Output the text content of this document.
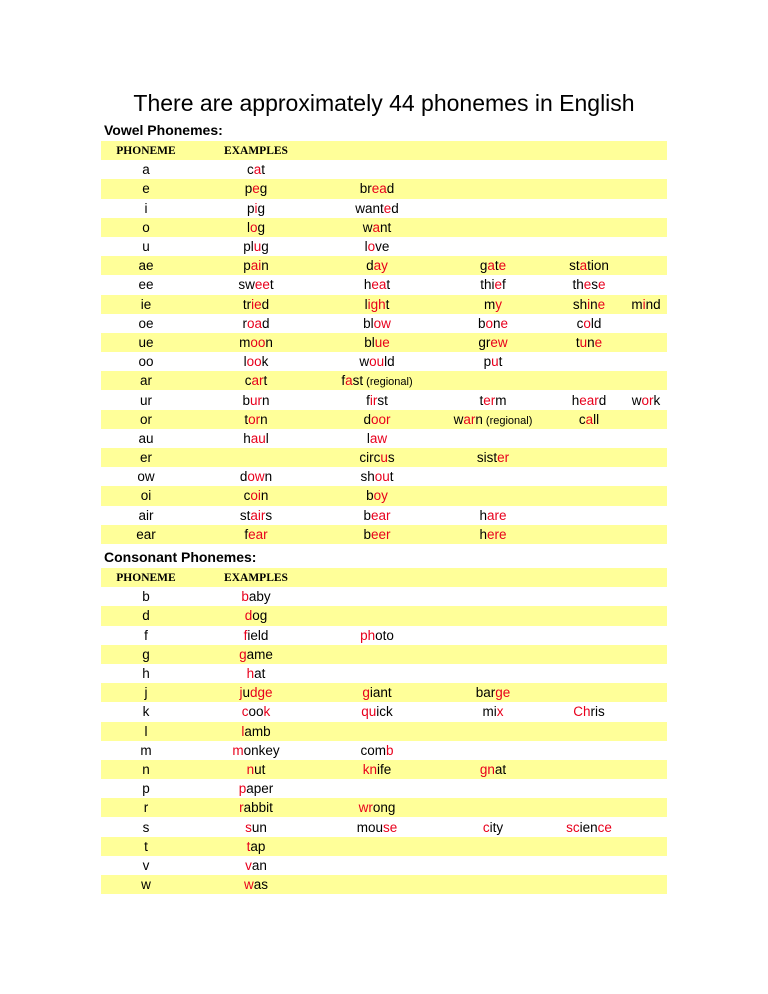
There are approximately 44 phonemes in English
Vowel Phonemes:
PHONEME	EXAMPLES				
a	cat				
e	peg	bread			
i	pig	wanted			
o	log	want			
u	plug	love			
ae	pain	day	gate	station	
ee	sweet	heat	thief	these	
ie	tried	light	my	shine	mind
oe	road	blow	bone	cold	
ue	moon	blue	grew	tune	
oo	look	would	put		
ar	cart	fast (regional)			
ur	burn	first	term	heard	work
or	torn	door	warn (regional)	call	
au	haul	law			
er		circus	sister		
ow	down	shout			
oi	coin	boy			
air	stairs	bear	hare		
ear	fear	beer	here		
Consonant Phonemes:
PHONEME	EXAMPLES				
b	baby				
d	dog				
f	field	photo			
g	game				
h	hat				
j	judge	giant	barge		
k	cook	quick	mix	Chris	
l	lamb				
m	monkey	comb			
n	nut	knife	gnat		
p	paper				
r	rabbit	wrong			
s	sun	mouse	city	science	
t	tap				
v	van				
w	was				
